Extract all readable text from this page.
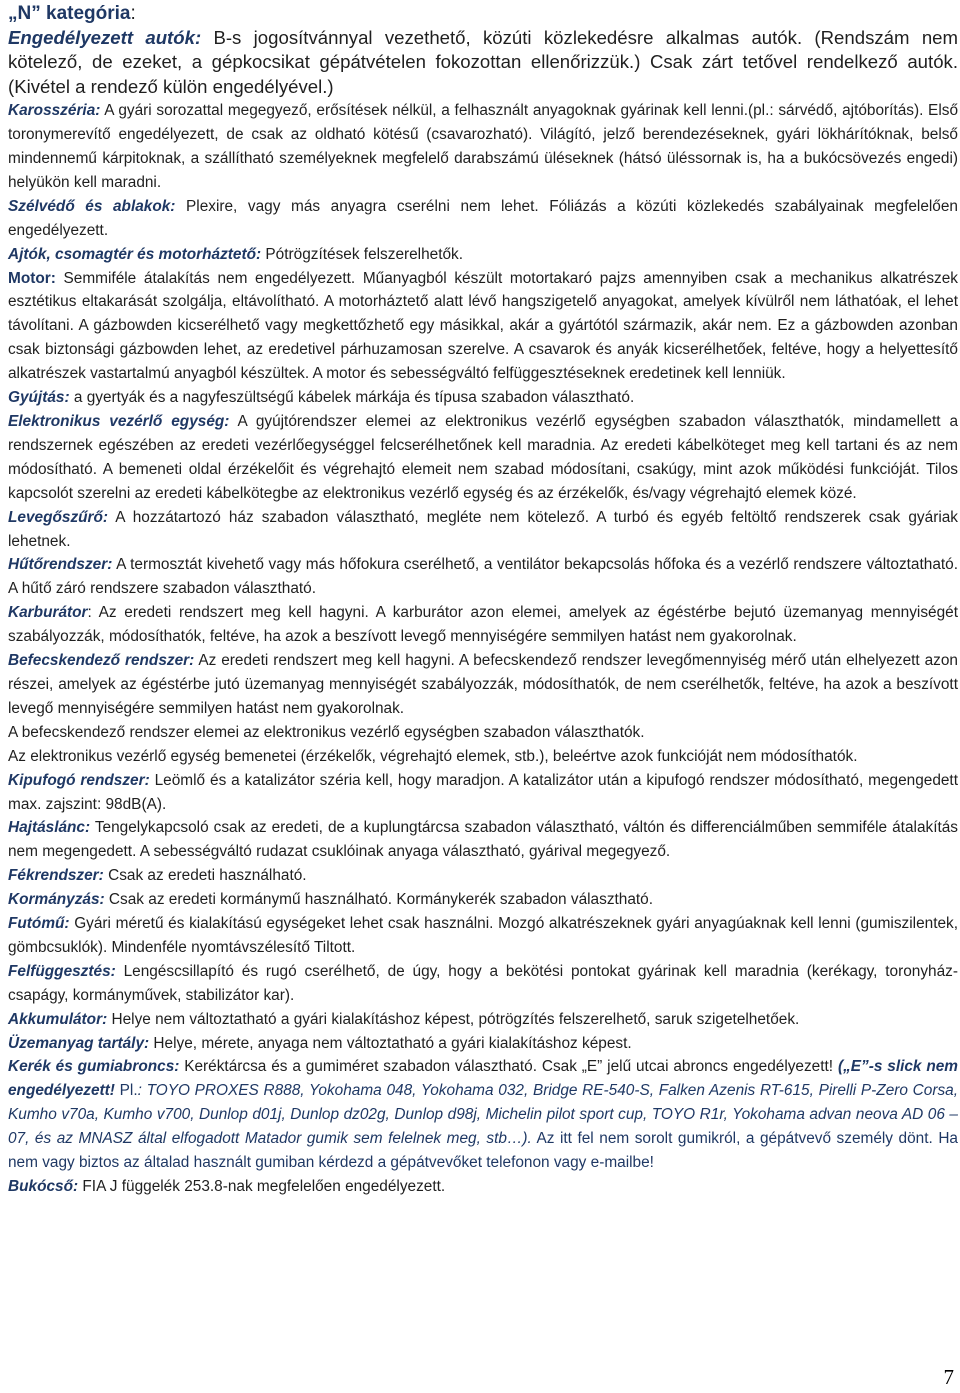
„N” kategória:

Engedélyezett autók: B-s jogosítvánnyal vezethető, közúti közlekedésre alkalmas autók. (Rendszám nem kötelező, de ezeket, a gépkocsikat gépátvételen fokozottan ellenőrizzük.) Csak zárt tetővel rendelkező autók. (Kivétel a rendező külön engedélyével.)

Karosszéria: A gyári sorozattal megegyező, erősítések nélkül, a felhasznált anyagoknak gyárinak kell lenni.(pl.: sárvédő, ajtóborítás). Első toronymerevítő engedélyezett, de csak az oldható kötésű (csavarozható). Világító, jelző berendezéseknek, gyári lökhárítóknak, belső mindennemű kárpitoknak, a szállítható személyeknek megfelelő darabszámú üléseknek (hátsó üléssornak is, ha a bukócsövezés engedi) helyükön kell maradni.

Szélvédő és ablakok: Plexire, vagy más anyagra cserélni nem lehet. Fóliázás a közúti közlekedés szabályainak megfelelően engedélyezett.

Ajtók, csomagtér és motorháztető: Pótrögzítések felszerelhetők.

Motor: Semmiféle átalakítás nem engedélyezett. Műanyagból készült motortakaró pajzs amennyiben csak a mechanikus alkatrészek esztétikus eltakarását szolgálja, eltávolítható. A motorháztető alatt lévő hangszigetelő anyagokat, amelyek kívülről nem láthatóak, el lehet távolítani. A gázbowden kicserélhető vagy megkettőzhető egy másikkal, akár a gyártótól származik, akár nem. Ez a gázbowden azonban csak biztonsági gázbowden lehet, az eredetivel párhuzamosan szerelve. A csavarok és anyák kicserélhetőek, feltéve, hogy a helyettesítő alkatrészek vastartalmú anyagból készültek. A motor és sebességváltó felfüggesztéseknek eredetinek kell lenniük.

Gyújtás: a gyertyák és a nagyfeszültségű kábelek márkája és típusa szabadon választható.

Elektronikus vezérlő egység: A gyújtórendszer elemei az elektronikus vezérlő egységben szabadon választhatók, mindamellett a rendszernek egészében az eredeti vezérlőegységgel felcserélhetőnek kell maradnia. Az eredeti kábelköteget meg kell tartani és az nem módosítható. A bemeneti oldal érzékelőit és végrehajtó elemeit nem szabad módosítani, csakúgy, mint azok működési funkcióját. Tilos kapcsolót szerelni az eredeti kábelkötegbe az elektronikus vezérlő egység és az érzékelők, és/vagy végrehajtó elemek közé.

Levegőszűrő: A hozzátartozó ház szabadon választható, megléte nem kötelező. A turbó és egyéb feltöltő rendszerek csak gyáriak lehetnek.

Hűtőrendszer: A termosztát kivehető vagy más hőfokura cserélhető, a ventilátor bekapcsolás hőfoka és a vezérlő rendszere változtatható. A hűtő záró rendszere szabadon választható.

Karburátor: Az eredeti rendszert meg kell hagyni. A karburátor azon elemei, amelyek az égéstérbe bejutó üzemanyag mennyiségét szabályozzák, módosíthatók, feltéve, ha azok a beszívott levegő mennyiségére semmilyen hatást nem gyakorolnak.

Befecskendező rendszer: Az eredeti rendszert meg kell hagyni. A befecskendező rendszer levegőmennyiség mérő után elhelyezett azon részei, amelyek az égéstérbe jutó üzemanyag mennyiségét szabályozzák, módosíthatók, de nem cserélhetők, feltéve, ha azok a beszívott levegő mennyiségére semmilyen hatást nem gyakorolnak.

A befecskendező rendszer elemei az elektronikus vezérlő egységben szabadon választhatók.

Az elektronikus vezérlő egység bemenetei (érzékelők, végrehajtó elemek, stb.), beleértve azok funkcióját nem módosíthatók.

Kipufogó rendszer: Leömlő és a katalizátor széria kell, hogy maradjon. A katalizátor után a kipufogó rendszer módosítható, megengedett max. zajszint: 98dB(A).

Hajtáslánc: Tengelykapcsoló csak az eredeti, de a kuplungtárcsa szabadon választható, váltón és differenciálműben semmiféle átalakítás nem megengedett. A sebességváltó rudazat csuklóinak anyaga választható, gyárival megegyező.

Fékrendszer: Csak az eredeti használható.

Kormányzás: Csak az eredeti kormánymű használható. Kormánykerék szabadon választható.

Futómű: Gyári méretű és kialakítású egységeket lehet csak használni. Mozgó alkatrészeknek gyári anyagúaknak kell lenni (gumiszilentek, gömbcsuklók). Mindenféle nyomtávszélesítő Tiltott.

Felfüggesztés: Lengéscsillapító és rugó cserélhető, de úgy, hogy a bekötési pontokat gyárinak kell maradnia (kerékagy, toronyház-csapágy, kormányművek, stabilizátor kar).

Akkumulátor: Helye nem változtatható a gyári kialakításhoz képest, pótrögzítés felszerelhető, saruk szigetelhetőek.

Üzemanyag tartály: Helye, mérete, anyaga nem változtatható a gyári kialakításhoz képest.

Kerék és gumiabroncs: Keréktárcsa és a gumiméret szabadon választható. Csak „E” jelű utcai abroncs engedélyezett! („E”-s slick nem engedélyezett! Pl.: TOYO PROXES R888, Yokohama 048, Yokohama 032, Bridge RE-540-S, Falken Azenis RT-615, Pirelli P-Zero Corsa, Kumho v70a, Kumho v700, Dunlop d01j, Dunlop dz02g, Dunlop d98j, Michelin pilot sport cup, TOYO R1r, Yokohama advan neova AD 06 – 07, és az MNASZ által elfogadott Matador gumik sem felelnek meg, stb…). Az itt fel nem sorolt gumikról, a gépátvevő személy dönt. Ha nem vagy biztos az általad használt gumiban kérdezd a gépátvevőket telefonon vagy e-mailbe!

Bukócső: FIA J függelék 253.8-nak megfelelően engedélyezett.

7
